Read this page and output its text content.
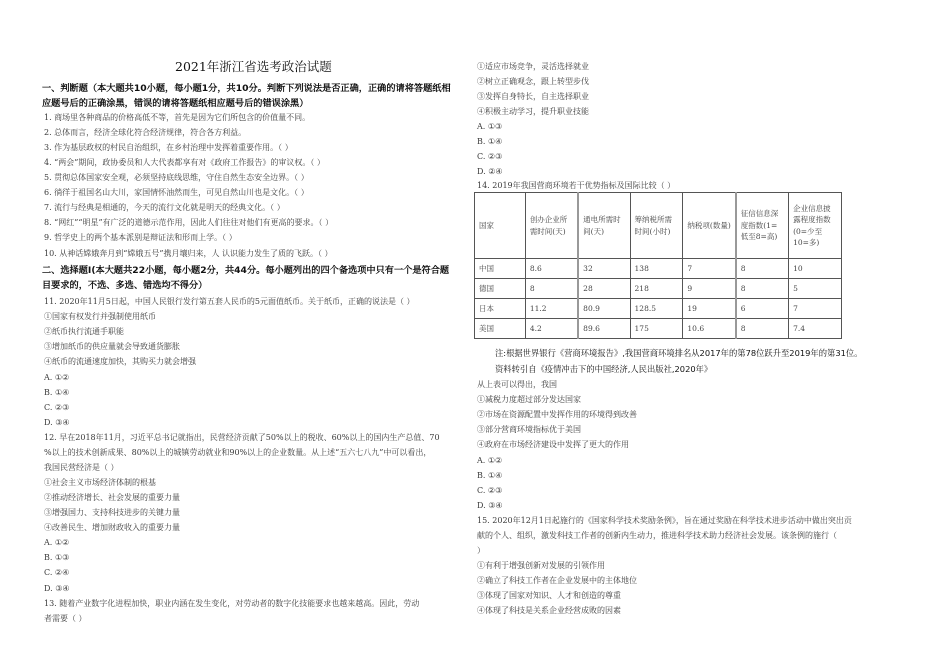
2021年浙江省选考政治试题
一、判断题（本大题共10小题，每小题1分，共10分。判断下列说法是否正确，正确的请将答题纸相
应题号后的正确涂黑，错误的请将答题纸相应题号后的错误涂黑）
1. 商场里各种商品的价格高低不等，首先是因为它们所包含的价值量不同。
2. 总体而言，经济全球化符合经济规律，符合各方利益。
3. 作为基层政权的村民自治组织，在乡村治理中发挥着重要作用。（ ）
4. “两会”期间，政协委员和人大代表都享有对《政府工作报告》的审议权。（ ）
5. 贯彻总体国家安全观，必须坚持底线思维，守住自然生态安全边界。（ ）
6. 徜徉于祖国名山大川，家国情怀油然而生，可见自然山川也是文化。（ ）
7. 流行与经典是相通的，今天的流行文化就是明天的经典文化。（ ）
8. “网红”“明星”有广泛的道德示范作用，因此人们往往对他们有更高的要求。（ ）
9. 哲学史上的两个基本派别是辩证法和形而上学。（ ）
10. 从神话嫦娥奔月到“嫦娥五号”携月壤归来，人 认识能力发生了质的飞跃。（ ）
二、选择题Ⅰ(本大题共22小题，每小题2分，共44分。每小题列出的四个备选项中只有一个是符合题
目要求的，不选、多选、错选均不得分）
11. 2020年11月5日起，中国人民银行发行第五套人民币的5元面值纸币。关于纸币，正确的说法是（ ）
①国家有权发行并强制使用纸币
②纸币执行流通手职能
③增加纸币的供应量就会导致通货膨胀
④纸币的流通速度加快，其购买力就会增强
A. ①②
B. ①④
C. ②③
D. ③④
12. 早在2018年11月，习近平总书记就指出，民营经济贡献了50%以上的税收、60%以上的国内生产总值、70
%以上的技术创新成果、80%以上的城镇劳动就业和90%以上的企业数量。从上述“五六七八九”中可以看出，
我国民营经济是（ ）
①社会主义市场经济体制的根基
②推动经济增长、社会发展的重要力量
③增强国力、支持科技进步的关键力量
④改善民生、增加财政收入的重要力量
A. ①②
B. ①③
C. ②④
D. ③④
13. 随着产业数字化进程加快，职业内涵在发生变化，对劳动者的数字化技能要求也越来越高。因此，劳动
者需要（ ）
①适应市场竞争，灵活选择就业
②树立正确观念，跟上转型步伐
③发挥自身特长，自主选择职业
④积极主动学习，提升职业技能
A. ①③
B. ①④
C. ②③
D. ②④
14. 2019年我国营商环境若干优势指标及国际比较（ ）
国家	创办企业所需时间(天)	通电所需时间(天)	筹纳税所需时间(小时)	纳税项(数量)	征信信息深度指数(1=低至8=高)	企业信息披露程度指数(0=少至10=多)
中国	8.6	32	138	7	8	10
德国	8	28	218	9	8	5
日本	11.2	80.9	128.5	19	6	7
美国	4.2	89.6	175	10.6	8	7.4
注:根据世界银行《营商环境报告》,我国营商环境排名从2017年的第78位跃升至2019年的第31位。
资料转引自《疫情冲击下的中国经济,人民出版社,2020年》
从上表可以得出，我国
①减税力度超过部分发达国家
②市场在资源配置中发挥作用的环境得到改善
③部分营商环境指标优于美国
④政府在市场经济建设中发挥了更大的作用
A. ①②
B. ①④
C. ②③
D. ③④
15. 2020年12月1日起施行的《国家科学技术奖励条例》，旨在通过奖励在科学技术进步活动中做出突出贡
献的个人、组织，激发科技工作者的创新内生动力，推进科学技术助力经济社会发展。该条例的施行（
）
①有利于增强创新对发展的引领作用
②确立了科技工作者在企业发展中的主体地位
③体现了国家对知识、人才和创造的尊重
④体现了科技是关系企业经营成败的因素
